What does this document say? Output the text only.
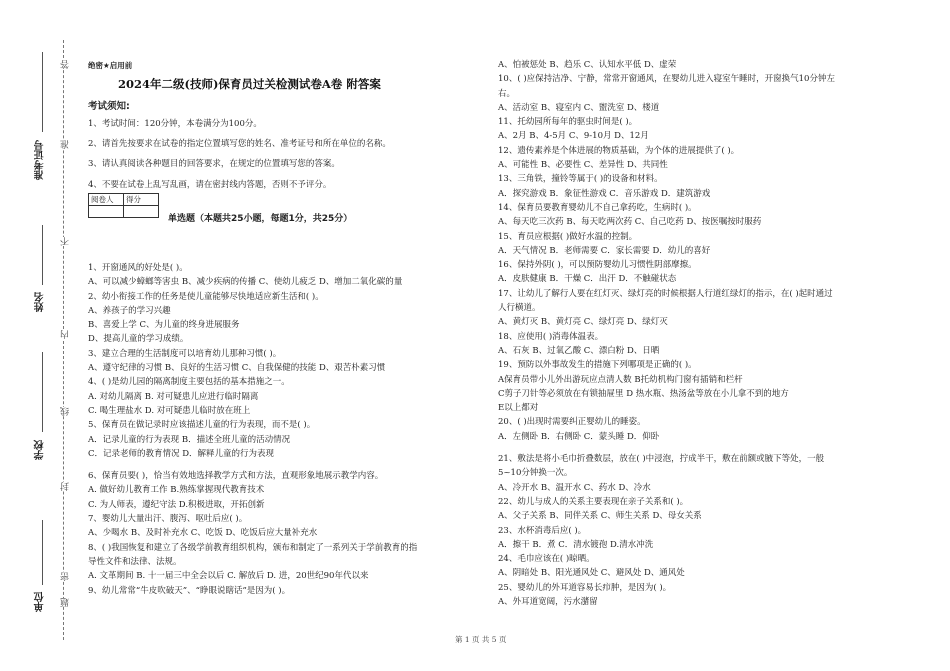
准考证号
姓名
学校
单位
答
准
不
内
线
封
密
题
绝密★启用前
2024年二级(技师)保育员过关检测试卷A卷 附答案
考试须知:
1、考试时间：120分钟，本卷满分为100分。
2、请首先按要求在试卷的指定位置填写您的姓名、准考证号和所在单位的名称。
3、请认真阅读各种题目的回答要求，在规定的位置填写您的答案。
4、不要在试卷上乱写乱画，请在密封线内答题，否则不予评分。
阅卷人	得分

单选题（本题共25小题，每题1分，共25分）
1、开窗通风的好处是( )。
A、可以减少蟑螂等害虫 B、减少疾病的传播 C、使幼儿疲乏 D、增加二氧化碳的量
2、幼小衔接工作的任务是使儿童能够尽快地适应新生活和( )。
A、养孩子的学习兴趣
B、喜爱上学 C、为儿童的终身进展服务
D、提高儿童的学习成绩。
3、建立合理的生活制度可以培育幼儿那种习惯( )。
A、遵守纪律的习惯 B、良好的生活习惯 C、自我保健的技能 D、艰苦朴素习惯
4、( )是幼儿园的隔离制度主要包括的基本措施之一。
A. 对幼儿隔离 B. 对可疑患儿应进行临时隔离
C. 喝生理盐水 D. 对可疑患儿临时放在班上
5、保育员在做记录时应该描述儿童的行为表现，而不是( )。
A．记录儿童的行为表现 B．描述全班儿童的活动情况
C．记录老师的教育情况 D．解释儿童的行为表现
6、保育员要( )，恰当有效地选择教学方式和方法，直观形象地展示教学内容。
A. 做好幼儿教育工作 B.熟练掌握现代教育技术
C. 为人师表，遵纪守法 D.积极进取，开拓创新
7、婴幼儿大量出汗、腹泻、呕吐后应( )。
A、少喝水 B、及时补充水 C、吃饭 D、吃饭后应大量补充水
8、( )我国恢复和建立了各级学前教育组织机构，颁布和制定了一系列关于学前教育的指
导性文件和法律、法规。
A. 文革期间 B. 十一届三中全会以后 C. 解放后 D. 进，20世纪90年代以来
9、幼儿常常“牛皮吹破天”、“睁眼说瞎话”是因为( )。
A、怕被惩处 B、趋乐 C、认知水平低 D、虚荣
10、( )应保持洁净、宁静，常常开窗通风，在婴幼儿进入寝室午睡时，开窗换气10分钟左
右。
A、活动室 B、寝室内 C、盥洗室 D、楼道
11、托幼园所每年的驱虫时间是( )。
A、2月 B、4-5月 C、9-10月 D、12月
12、遗传素养是个体进展的物质基础，为个体的进展提供了( )。
A、可能性 B、必要性 C、差异性 D、共同性
13、三角铁，撞铃等属于( )的设备和材料。
A．探究游戏 B．象征性游戏 C．音乐游戏 D．建筑游戏
14、保育员要教育婴幼儿不自己拿药吃，生病时( )。
A、每天吃三次药 B、每天吃两次药 C、自己吃药 D、按医嘱按时服药
15、育员应根据( )做好水温的控制。
A．天气情况 B．老师需要 C．家长需要 D．幼儿的喜好
16、保持外阴( )，可以预防婴幼儿习惯性阴部摩擦。
A．皮肤健康 B．干燥 C．出汗 D．不触碰状态
17、让幼儿了解行人要在红灯灭、绿灯亮的时候根据人行道红绿灯的指示，在( )起时通过
人行横道。
A、黄灯灭 B、黄灯亮 C、绿灯亮 D、绿灯灭
18、应使用( )消毒体温表。
A、石灰 B、过氧乙酸 C、漂白粉 D、日晒
19、预防以外事故发生的措施下列哪项是正确的( )。
A保育员带小儿外出游玩应点清人数 B托幼机构门窗有插销和栏杆
C剪子刀针等必须放在有锁抽屉里 D 热水瓶、热汤盆等放在小儿拿不到的地方
E以上都对
20、( )出现时需要纠正婴幼儿的睡姿。
A．左侧卧 B．右侧卧 C．蒙头睡 D．仰卧
21、敷法是将小毛巾折叠数层，放在( )中浸泡，拧成半干，敷在前额或腋下等处，一般
5~10分钟换一次。
A、冷开水 B、温开水 C、药水 D、冷水
22、幼儿与成人的关系主要表现在亲子关系和( )。
A、父子关系 B、同伴关系 C、师生关系 D、母女关系
23、水杯消毒后应( )。
A．擦干 B．煮 C．清水镀孢 D.清水冲洗
24、毛巾应该在( )晾晒。
A、阴暗处 B、阳光通风处 C、避风处 D、通风处
25、婴幼儿的外耳道容易长疖肿，是因为( )。
A、外耳道宽阔，污水潴留
第 1 页 共 5 页
